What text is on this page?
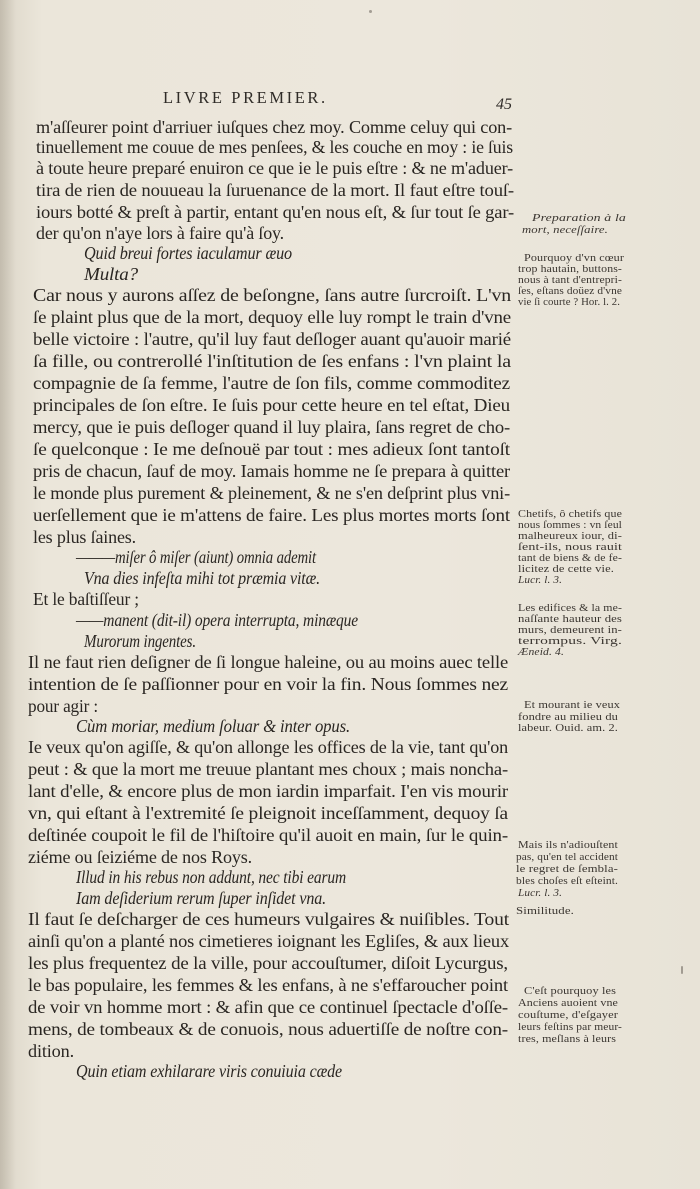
LIVRE PREMIER.	45
m'aſſeurer point d'arriuer iuſques chez moy. Comme celuy qui con-
tinuellement me couue de mes penſees, & les couche en moy : ie ſuis
à toute heure preparé enuiron ce que ie le puis eſtre : & ne m'aduer-
tira de rien de nouueau la ſuruenance de la mort. Il faut eſtre touſ-
iours botté & preſt à partir, entant qu'en nous eſt, & ſur tout ſe gar-
der qu'on n'aye lors à faire qu'à ſoy.
Quid breui fortes iaculamur æuo
Multa?
Car nous y aurons aſſez de beſongne, ſans autre ſurcroiſt. L'vn
ſe plaint plus que de la mort, dequoy elle luy rompt le train d'vne
belle victoire : l'autre, qu'il luy faut deſloger auant qu'auoir marié
ſa fille, ou contrerollé l'inſtitution de ſes enfans : l'vn plaint la
compagnie de ſa femme, l'autre de ſon fils, comme commoditez
principales de ſon eſtre. Ie ſuis pour cette heure en tel eſtat, Dieu
mercy, que ie puis deſloger quand il luy plaira, ſans regret de cho-
ſe quelconque : Ie me deſnouë par tout : mes adieux ſont tantoſt
pris de chacun, ſauf de moy. Iamais homme ne ſe prepara à quitter
le monde plus purement & pleinement, & ne s'en deſprint plus vni-
uerſellement que ie m'attens de faire. Les plus mortes morts ſont
les plus ſaines.
———miſer ô miſer (aiunt) omnia ademit
Vna dies infeſta mihi tot præmia vitæ.
Et le baſtiſſeur ;
——manent (dit-il) opera interrupta, minæque
Murorum ingentes.
Il ne faut rien deſigner de ſi longue haleine, ou au moins auec telle
intention de ſe paſſionner pour en voir la fin. Nous ſommes nez
pour agir :
Cùm moriar, medium ſoluar & inter opus.
Ie veux qu'on agiſſe, & qu'on allonge les offices de la vie, tant qu'on
peut : & que la mort me treuue plantant mes choux ; mais noncha-
lant d'elle, & encore plus de mon iardin imparfait. I'en vis mourir
vn, qui eſtant à l'extremité ſe pleignoit inceſſamment, dequoy ſa
deſtinée coupoit le fil de l'hiſtoire qu'il auoit en main, ſur le quin-
ziéme ou ſeiziéme de nos Roys.
Illud in his rebus non addunt, nec tibi earum
Iam deſiderium rerum ſuper inſidet vna.
Il faut ſe deſcharger de ces humeurs vulgaires & nuiſibles. Tout
ainſi qu'on a planté nos cimetieres ioignant les Egliſes, & aux lieux
les plus frequentez de la ville, pour accouſtumer, diſoit Lycurgus,
le bas populaire, les femmes & les enfans, à ne s'effaroucher point
de voir vn homme mort : & afin que ce continuel ſpectacle d'oſſe-
mens, de tombeaux & de conuois, nous aduertiſſe de noſtre con-
dition.
Quin etiam exhilarare viris conuiuia cæde
Preparation à la
mort, neceſſaire.
Pourquoy d'vn cœur
trop hautain, buttons-
nous à tant d'entrepri-
ſes, eſtans doüez d'vne
vie ſi courte ? Hor. l. 2.
Chetifs, ô chetifs que
nous ſommes : vn ſeul
malheureux iour, di-
ſent-ils, nous rauit
tant de biens & de fe-
licitez de cette vie.
Lucr. l. 3.
Les edifices & la me-
naſſante hauteur des
murs, demeurent in-
terrompus. Virg.
Æneid. 4.
Et mourant ie veux
fondre au milieu du
labeur. Ouid. am. 2.
Mais ils n'adiouſtent
pas, qu'en tel accident
le regret de ſembla-
bles choſes eſt eſteint.
Lucr. l. 3.
Similitude.
C'eſt pourquoy les
Anciens auoient vne
couſtume, d'eſgayer
leurs feſtins par meur-
tres, meſlans à leurs
